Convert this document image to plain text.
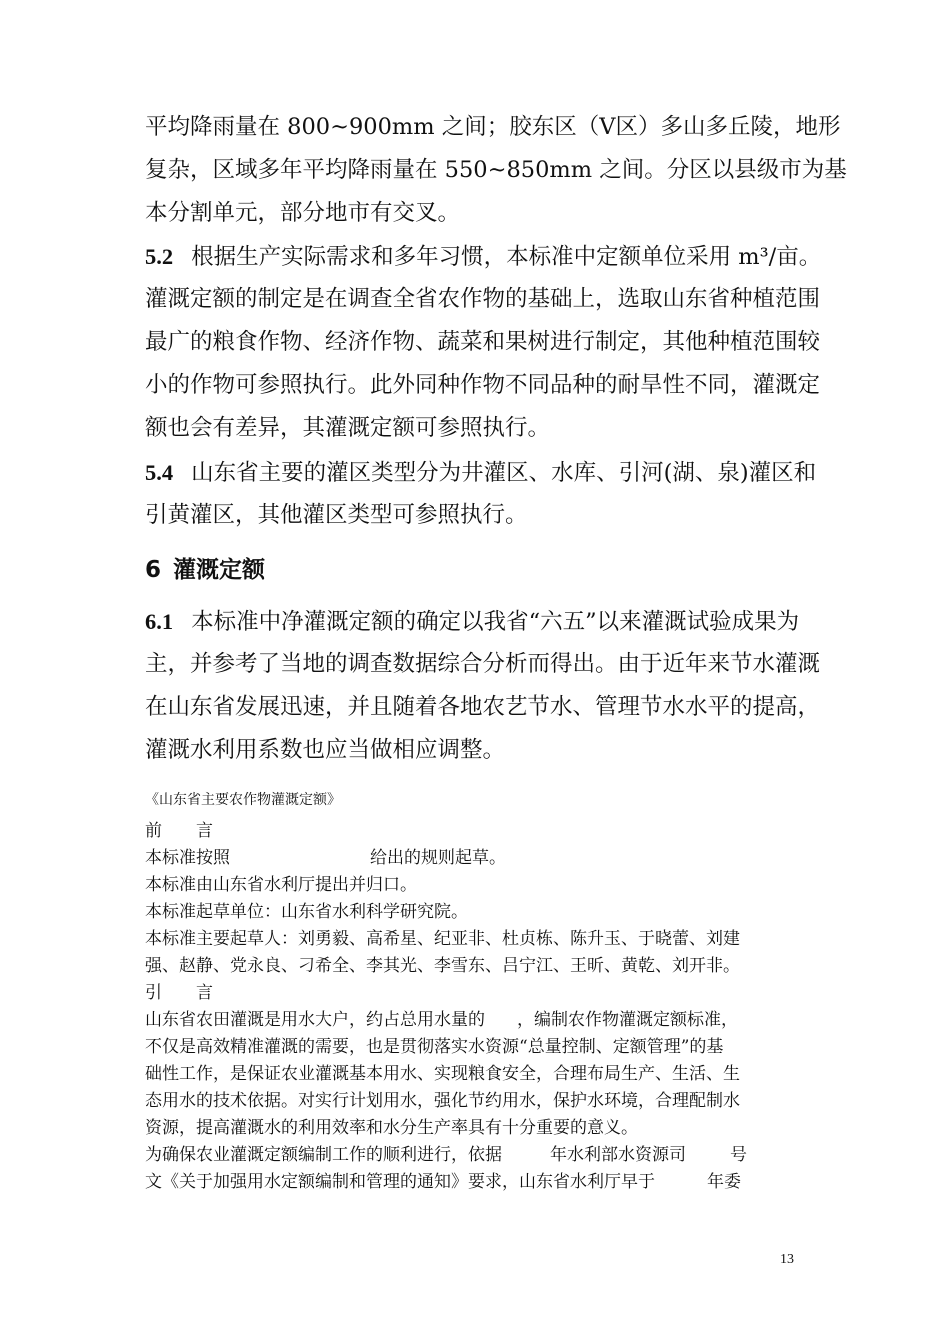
平均降雨量在 800~900mm 之间；胶东区（Ⅴ区）多山多丘陵，地形
复杂，区域多年平均降雨量在 550~850mm 之间。分区以县级市为基
本分割单元，部分地市有交叉。
5.2 根据生产实际需求和多年习惯，本标准中定额单位采用 m³/亩。
灌溉定额的制定是在调查全省农作物的基础上，选取山东省种植范围
最广的粮食作物、经济作物、蔬菜和果树进行制定，其他种植范围较
小的作物可参照执行。此外同种作物不同品种的耐旱性不同，灌溉定
额也会有差异，其灌溉定额可参照执行。
5.4 山东省主要的灌区类型分为井灌区、水库、引河(湖、泉)灌区和
引黄灌区，其他灌区类型可参照执行。
6 灌溉定额
6.1 本标准中净灌溉定额的确定以我省“六五”以来灌溉试验成果为
主，并参考了当地的调查数据综合分析而得出。由于近年来节水灌溉
在山东省发展迅速，并且随着各地农艺节水、管理节水水平的提高，
灌溉水利用系数也应当做相应调整。
《山东省主要农作物灌溉定额》
前　　言
本标准按照	给出的规则起草。
本标准由山东省水利厅提出并归口。
本标准起草单位：山东省水利科学研究院。
本标准主要起草人：刘勇毅、高希星、纪亚非、杜贞栋、陈升玉、于晓蕾、刘建
强、赵静、党永良、刁希全、李其光、李雪东、吕宁江、王昕、黄乾、刘开非。
引　　言
山东省农田灌溉是用水大户，约占总用水量的 ，编制农作物灌溉定额标准，
不仅是高效精准灌溉的需要，也是贯彻落实水资源“总量控制、定额管理”的基
础性工作，是保证农业灌溉基本用水、实现粮食安全，合理布局生产、生活、生
态用水的技术依据。对实行计划用水，强化节约用水，保护水环境，合理配制水
资源，提高灌溉水的利用效率和水分生产率具有十分重要的意义。
为确保农业灌溉定额编制工作的顺利进行，依据	年水利部水资源司	号
文《关于加强用水定额编制和管理的通知》要求，山东省水利厅早于	年委
13
